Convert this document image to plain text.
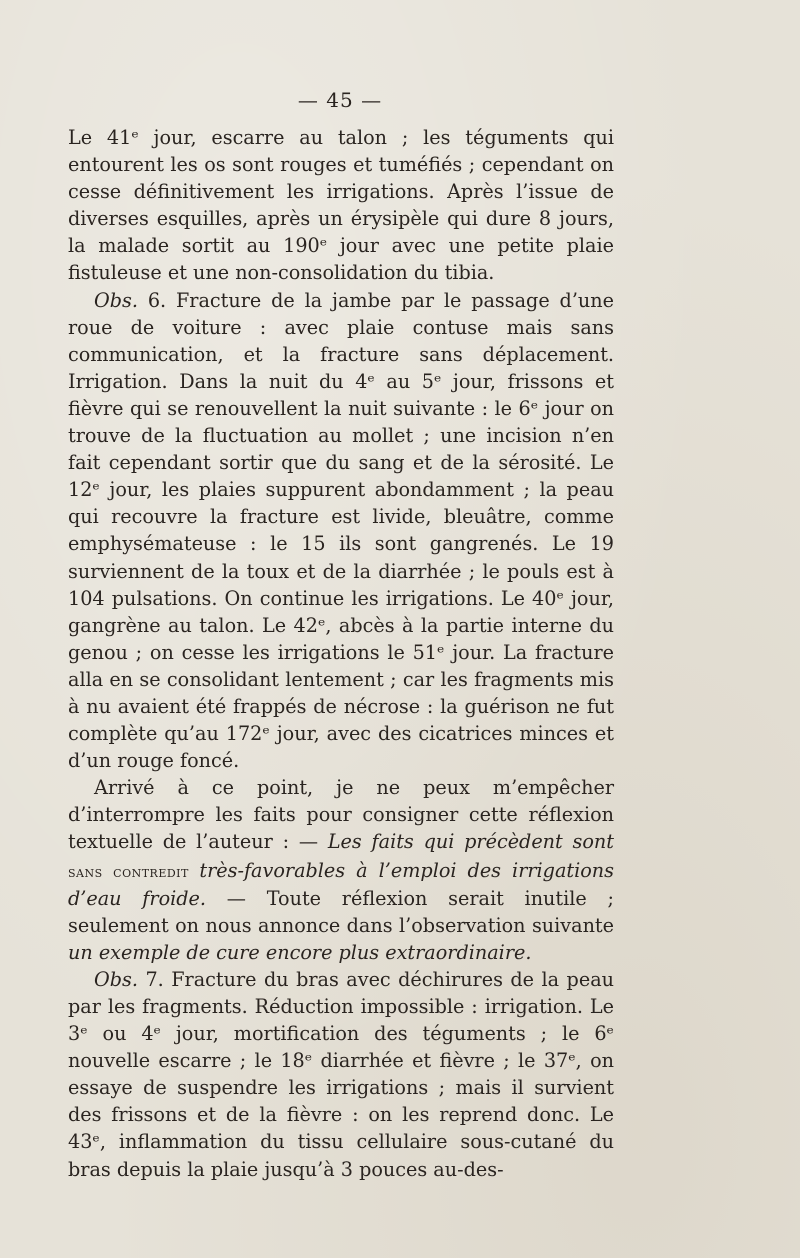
— 45 —

Le 41ᵉ jour, escarre au talon ; les téguments qui entourent les os sont rouges et tuméfiés ; cependant on cesse définitivement les irrigations. Après l’issue de diverses esquilles, après un érysipèle qui dure 8 jours, la malade sortit au 190ᵉ jour avec une petite plaie fistuleuse et une non-consolidation du tibia.

Obs. 6. Fracture de la jambe par le passage d’une roue de voiture : avec plaie contuse mais sans communication, et la fracture sans déplacement. Irrigation. Dans la nuit du 4ᵉ au 5ᵉ jour, frissons et fièvre qui se renouvellent la nuit suivante : le 6ᵉ jour on trouve de la fluctuation au mollet ; une incision n’en fait cependant sortir que du sang et de la sérosité. Le 12ᵉ jour, les plaies suppurent abondamment ; la peau qui recouvre la fracture est livide, bleuâtre, comme emphysémateuse : le 15 ils sont gangrenés. Le 19 surviennent de la toux et de la diarrhée ; le pouls est à 104 pulsations. On continue les irrigations. Le 40ᵉ jour, gangrène au talon. Le 42ᵉ, abcès à la partie interne du genou ; on cesse les irrigations le 51ᵉ jour. La fracture alla en se consolidant lentement ; car les fragments mis à nu avaient été frappés de nécrose : la guérison ne fut complète qu’au 172ᵉ jour, avec des cicatrices minces et d’un rouge foncé.

Arrivé à ce point, je ne peux m’empêcher d’interrompre les faits pour consigner cette réflexion textuelle de l’auteur : — Les faits qui précèdent sont sans contredit très-favorables à l’emploi des irrigations d’eau froide. — Toute réflexion serait inutile ; seulement on nous annonce dans l’observation suivante un exemple de cure encore plus extraordinaire.

Obs. 7. Fracture du bras avec déchirures de la peau par les fragments. Réduction impossible : irrigation. Le 3ᵉ ou 4ᵉ jour, mortification des téguments ; le 6ᵉ nouvelle escarre ; le 18ᵉ diarrhée et fièvre ; le 37ᵉ, on essaye de suspendre les irrigations ; mais il survient des frissons et de la fièvre : on les reprend donc. Le 43ᵉ, inflammation du tissu cellulaire sous-cutané du bras depuis la plaie jusqu’à 3 pouces au-des-
